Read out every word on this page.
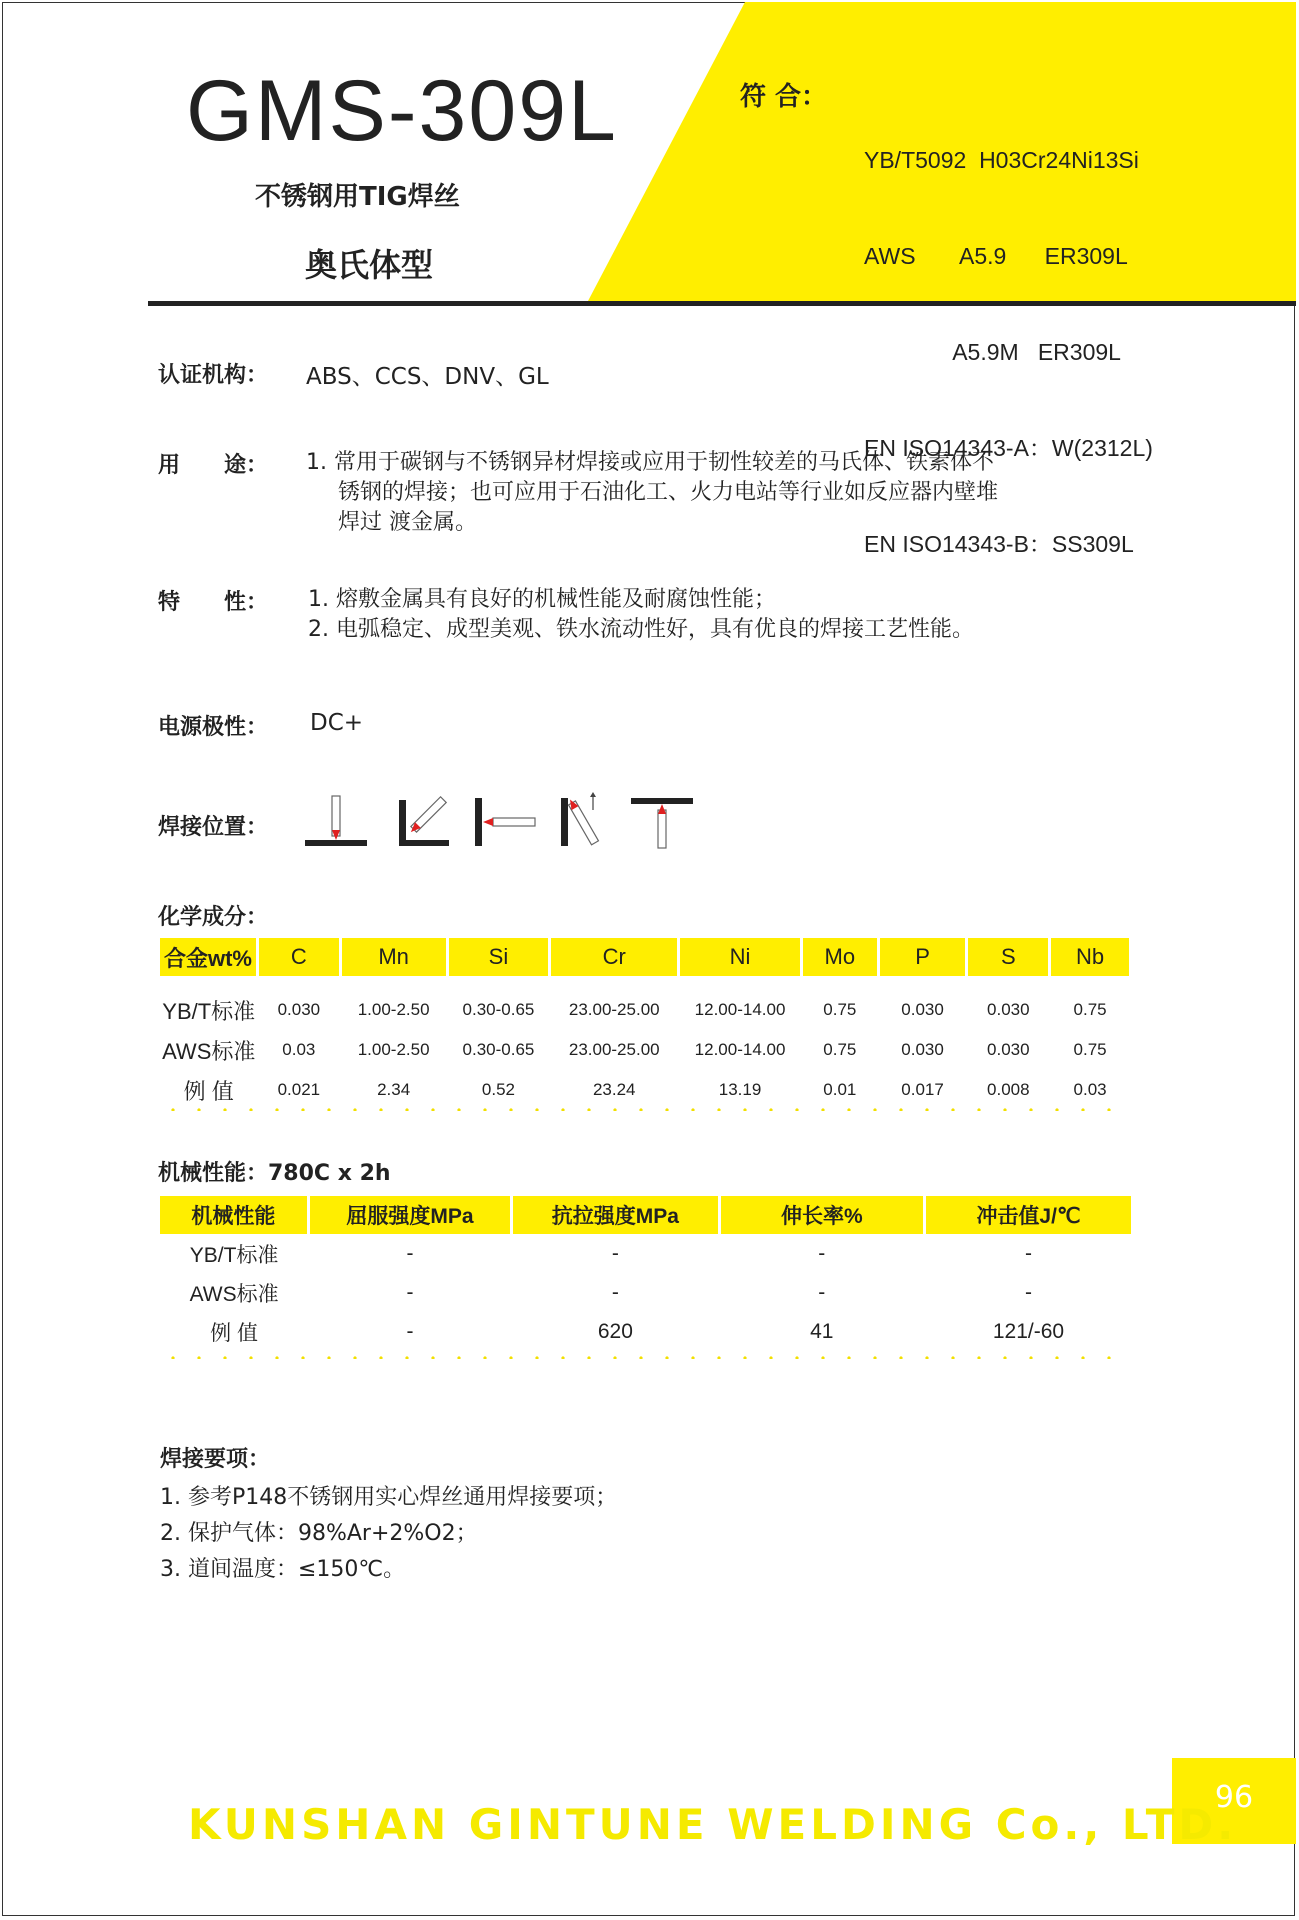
GMS-309L
不锈钢用TIG焊丝
奥氏体型
符 合：

YB/T5092  H03Cr24Ni13Si

AWS       A5.9      ER309L

A5.9M   ER309L

EN ISO14343-A：W(2312L)

EN ISO14343-B：SS309L

认证机构： ABS、CCS、DNV、GL
用　　途： 1. 常用于碳钢与不锈钢异材焊接或应用于韧性较差的马氏体、铁素体不
锈钢的焊接；也可应用于石油化工、火力电站等行业如反应器内壁堆
焊过 渡金属。
特　　性： 1. 熔敷金属具有良好的机械性能及耐腐蚀性能；
2. 电弧稳定、成型美观、铁水流动性好，具有优良的焊接工艺性能。
电源极性： DC+
焊接位置：
化学成分：
合金wt%	C	Mn	Si	Cr	Ni	Mo	P	S	Nb
YB/T标准	0.030	1.00-2.50	0.30-0.65	23.00-25.00	12.00-14.00	0.75	0.030	0.030	0.75
AWS标准	0.03	1.00-2.50	0.30-0.65	23.00-25.00	12.00-14.00	0.75	0.030	0.030	0.75
例 值	0.021	2.34	0.52	23.24	13.19	0.01	0.017	0.008	0.03
机械性能：780C x 2h
机械性能	屈服强度MPa	抗拉强度MPa	伸长率%	冲击值J/℃
YB/T标准	-	-	-	-
AWS标准	-	-	-	-
例 值	-	620	41	121/-60
焊接要项：
1. 参考P148不锈钢用实心焊丝通用焊接要项；
2. 保护气体：98%Ar+2%O2；
3. 道间温度：≤150℃。
96
KUNSHAN GINTUNE WELDING Co., LTD.
